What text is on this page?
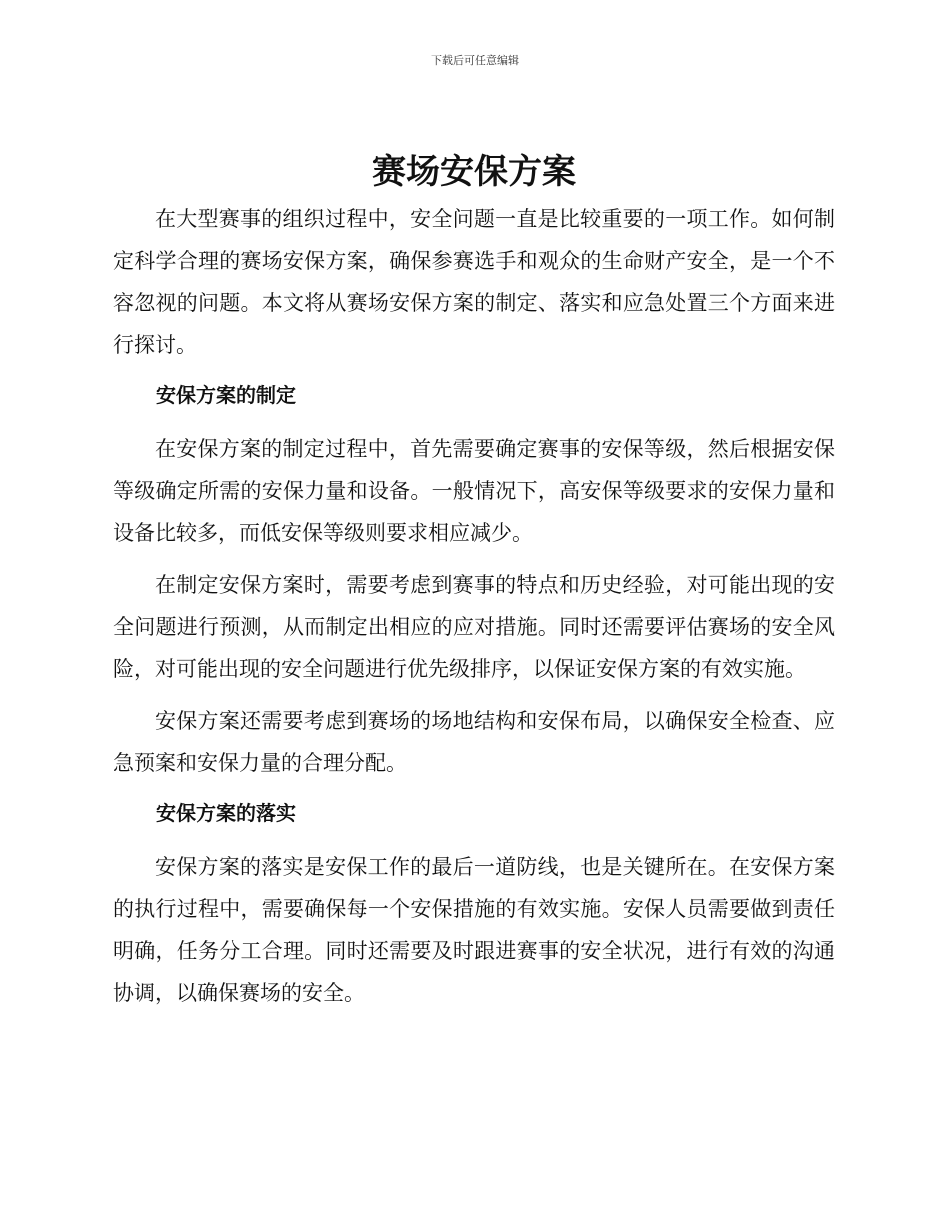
下载后可任意编辑
赛场安保方案

在大型赛事的组织过程中，安全问题一直是比较重要的一项工作。如何制定科学合理的赛场安保方案，确保参赛选手和观众的生命财产安全，是一个不容忽视的问题。本文将从赛场安保方案的制定、落实和应急处置三个方面来进行探讨。

安保方案的制定

在安保方案的制定过程中，首先需要确定赛事的安保等级，然后根据安保等级确定所需的安保力量和设备。一般情况下，高安保等级要求的安保力量和设备比较多，而低安保等级则要求相应减少。

在制定安保方案时，需要考虑到赛事的特点和历史经验，对可能出现的安全问题进行预测，从而制定出相应的应对措施。同时还需要评估赛场的安全风险，对可能出现的安全问题进行优先级排序，以保证安保方案的有效实施。

安保方案还需要考虑到赛场的场地结构和安保布局，以确保安全检查、应急预案和安保力量的合理分配。

安保方案的落实

安保方案的落实是安保工作的最后一道防线，也是关键所在。在安保方案的执行过程中，需要确保每一个安保措施的有效实施。安保人员需要做到责任明确，任务分工合理。同时还需要及时跟进赛事的安全状况，进行有效的沟通协调，以确保赛场的安全。
